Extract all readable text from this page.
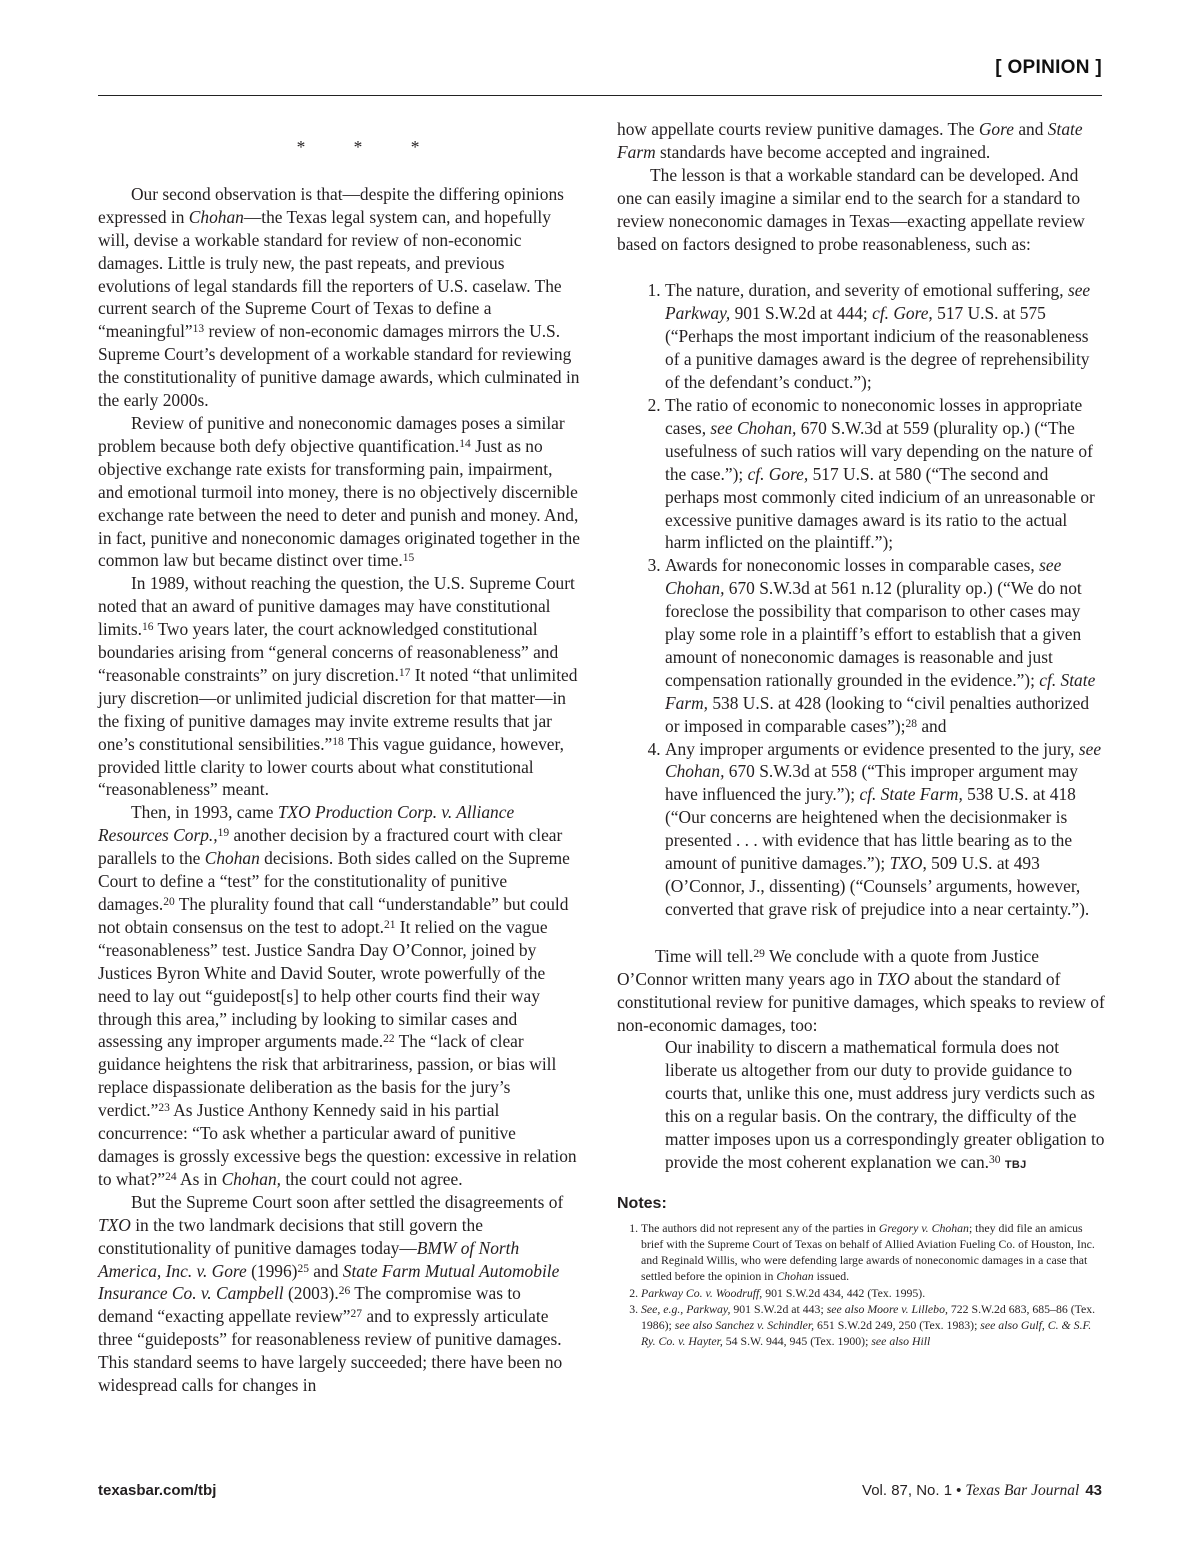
[ OPINION ]

* * *

Our second observation is that—despite the differing opinions expressed in Chohan—the Texas legal system can, and hopefully will, devise a workable standard for review of non-economic damages. Little is truly new, the past repeats, and previous evolutions of legal standards fill the reporters of U.S. caselaw. The current search of the Supreme Court of Texas to define a “meaningful”$^{13}$ review of non-economic damages mirrors the U.S. Supreme Court’s development of a workable standard for reviewing the constitutionality of punitive damage awards, which culminated in the early 2000s.

Review of punitive and noneconomic damages poses a similar problem because both defy objective quantification.$^{14}$ Just as no objective exchange rate exists for transforming pain, impairment, and emotional turmoil into money, there is no objectively discernible exchange rate between the need to deter and punish and money. And, in fact, punitive and noneconomic damages originated together in the common law but became distinct over time.$^{15}$

In 1989, without reaching the question, the U.S. Supreme Court noted that an award of punitive damages may have constitutional limits.$^{16}$ Two years later, the court acknowledged constitutional boundaries arising from “general concerns of reasonableness” and “reasonable constraints” on jury discretion.$^{17}$ It noted “that unlimited jury discretion—or unlimited judicial discretion for that matter—in the fixing of punitive damages may invite extreme results that jar one’s constitutional sensibilities.”$^{18}$ This vague guidance, however, provided little clarity to lower courts about what constitutional “reasonableness” meant.

Then, in 1993, came TXO Production Corp. v. Alliance Resources Corp.,$^{19}$ another decision by a fractured court with clear parallels to the Chohan decisions. Both sides called on the Supreme Court to define a “test” for the constitutionality of punitive damages.$^{20}$ The plurality found that call “understandable” but could not obtain consensus on the test to adopt.$^{21}$ It relied on the vague “reasonableness” test. Justice Sandra Day O’Connor, joined by Justices Byron White and David Souter, wrote powerfully of the need to lay out “guidepost[s] to help other courts find their way through this area,” including by looking to similar cases and assessing any improper arguments made.$^{22}$ The “lack of clear guidance heightens the risk that arbitrariness, passion, or bias will replace dispassionate deliberation as the basis for the jury’s verdict.”$^{23}$ As Justice Anthony Kennedy said in his partial concurrence: “To ask whether a particular award of punitive damages is grossly excessive begs the question: excessive in relation to what?”$^{24}$ As in Chohan, the court could not agree.

But the Supreme Court soon after settled the disagreements of TXO in the two landmark decisions that still govern the constitutionality of punitive damages today—BMW of North America, Inc. v. Gore $(1996)^{25}$ and State Farm Mutual Automobile Insurance Co. v. Campbell (2003).$^{26}$ The compromise was to demand “exacting appellate review”$^{27}$ and to expressly articulate three “guideposts” for reasonableness review of punitive damages. This standard seems to have largely succeeded; there have been no widespread calls for changes in

how appellate courts review punitive damages. The Gore and State Farm standards have become accepted and ingrained.

The lesson is that a workable standard can be developed. And one can easily imagine a similar end to the search for a standard to review noneconomic damages in Texas—exacting appellate review based on factors designed to probe reasonableness, such as:

1. The nature, duration, and severity of emotional suffering, see Parkway, 901 S.W.2d at 444; cf. Gore, 517 U.S. at 575 (“Perhaps the most important indicium of the reasonableness of a punitive damages award is the degree of reprehensibility of the defendant’s conduct.”);
2. The ratio of economic to noneconomic losses in appropriate cases, see Chohan, 670 S.W.3d at 559 (plurality op.) (“The usefulness of such ratios will vary depending on the nature of the case.”); cf. Gore, 517 U.S. at 580 (“The second and perhaps most commonly cited indicium of an unreasonable or excessive punitive damages award is its ratio to the actual harm inflicted on the plaintiff.”);
3. Awards for noneconomic losses in comparable cases, see Chohan, 670 S.W.3d at 561 n.12 (plurality op.) (“We do not foreclose the possibility that comparison to other cases may play some role in a plaintiff’s effort to establish that a given amount of noneconomic damages is reasonable and just compensation rationally grounded in the evidence.”); cf. State Farm, 538 U.S. at 428 (looking to “civil penalties authorized or imposed in comparable cases”);$^{28}$ and
4. Any improper arguments or evidence presented to the jury, see Chohan, 670 S.W.3d at 558 (“This improper argument may have influenced the jury.”); cf. State Farm, 538 U.S. at 418 (“Our concerns are heightened when the decisionmaker is presented . . . with evidence that has little bearing as to the amount of punitive damages.”); TXO, 509 U.S. at 493 (O’Connor, J., dissenting) (“Counsels’ arguments, however, converted that grave risk of prejudice into a near certainty.”).

Time will tell.$^{29}$ We conclude with a quote from Justice O’Connor written many years ago in TXO about the standard of constitutional review for punitive damages, which speaks to review of non-economic damages, too:

Our inability to discern a mathematical formula does not liberate us altogether from our duty to provide guidance to courts that, unlike this one, must address jury verdicts such as this on a regular basis. On the contrary, the difficulty of the matter imposes upon us a correspondingly greater obligation to provide the most coherent explanation we can.$^{30}$ TBJ

Notes:

1. The authors did not represent any of the parties in Gregory v. Chohan; they did file an amicus brief with the Supreme Court of Texas on behalf of Allied Aviation Fueling Co. of Houston, Inc. and Reginald Willis, who were defending large awards of noneconomic damages in a case that settled before the opinion in Chohan issued.
2. Parkway Co. v. Woodruff, 901 S.W.2d 434, 442 (Tex. 1995).
3. See, e.g., Parkway, 901 S.W.2d at 443; see also Moore v. Lillebo, 722 S.W.2d 683, 685–86 (Tex. 1986); see also Sanchez v. Schindler, 651 S.W.2d 249, 250 (Tex. 1983); see also Gulf, C. & S.F. Ry. Co. v. Hayter, 54 S.W. 944, 945 (Tex. 1900); see also Hill
texasbar.com/tbj	Vol. 87, No. 1 • Texas Bar Journal 43
